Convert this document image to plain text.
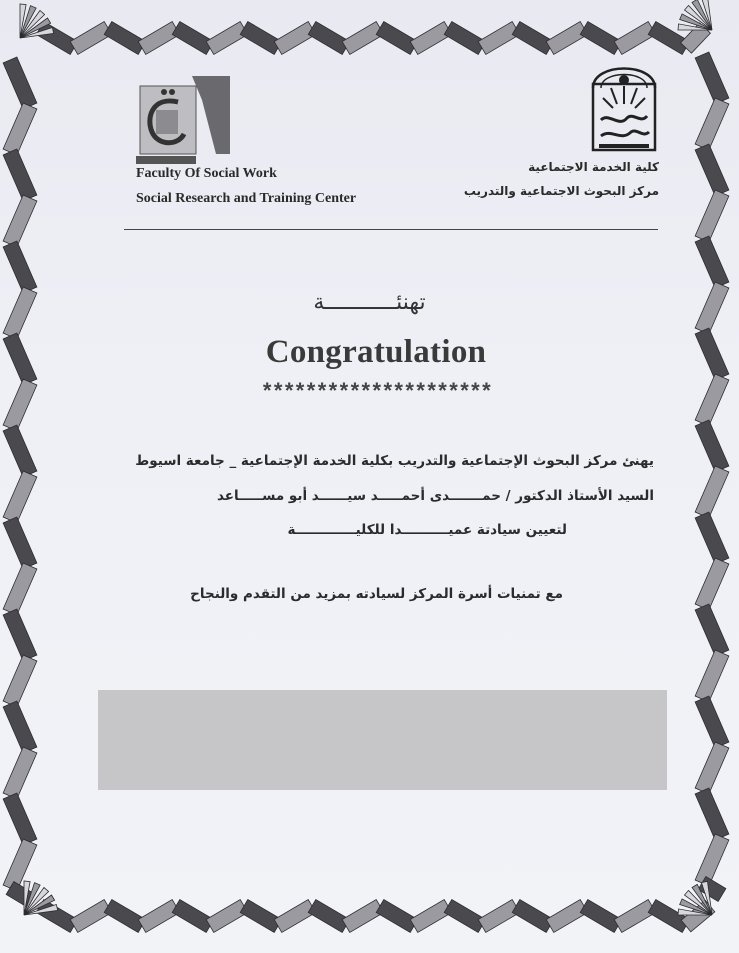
Faculty Of Social Work
Social Research and Training Center
كلية الخدمة الاجتماعية
مركز البحوث الاجتماعية والتدريب
تهنئـــــــــــة
Congratulation
*********************
يهنئ مركز البحوث الإجتماعية والتدريب بكلية الخدمة الإجتماعية _ جامعة اسيوط
السيد الأستاذ الدكتور / حمـــــــدى أحمـــــد سيــــــد أبو مســـــاعد
لتعيين سيادتة عميــــــــــدا للكليـــــــــــــة
مع تمنيات أسرة المركز لسيادته بمزيد من التقدم والنجاح
